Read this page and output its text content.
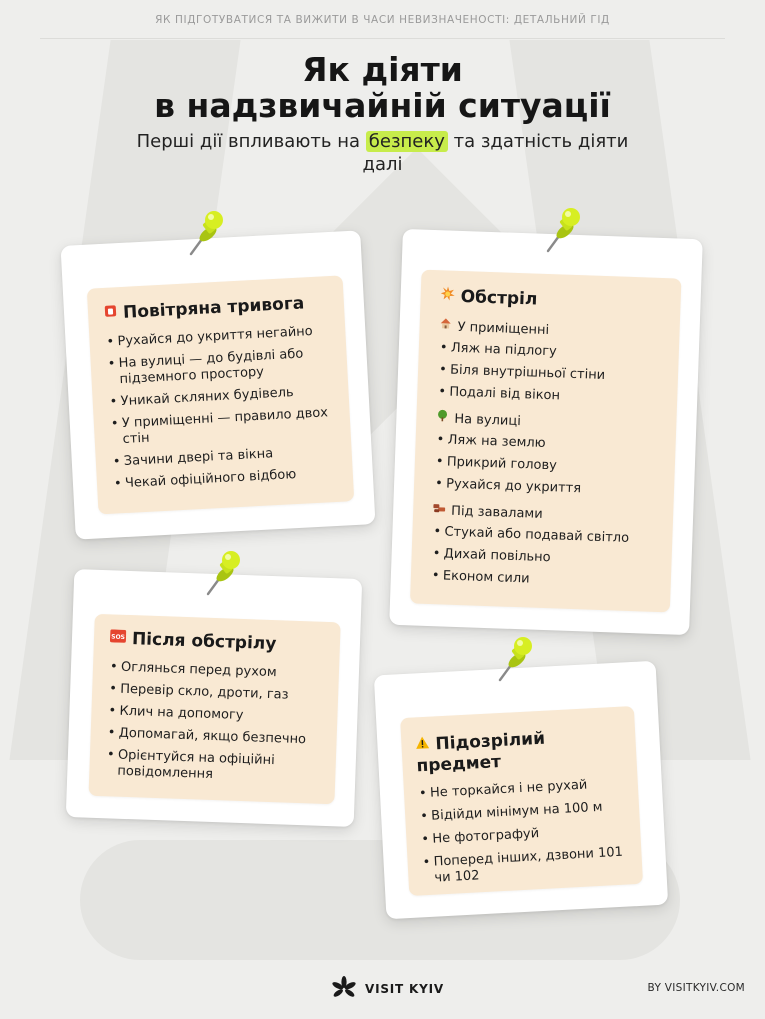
ЯК ПІДГОТУВАТИСЯ ТА ВИЖИТИ В ЧАСИ НЕВИЗНАЧЕНОСТІ: ДЕТАЛЬНИЙ ГІД
Як діяти
в надзвичайній ситуації
Перші дії впливають на безпеку та здатність діяти далі
Повітряна тривога
• Рухайся до укриття негайно
• На вулиці — до будівлі або підземного простору
• Уникай скляних будівель
• У приміщенні — правило двох стін
• Зачини двері та вікна
• Чекай офіційного відбою
Обстріл
У приміщенні
• Ляж на підлогу
• Біля внутрішньої стіни
• Подалі від вікон
На вулиці
• Ляж на землю
• Прикрий голову
• Рухайся до укриття
Під завалами
• Стукай або подавай світло
• Дихай повільно
• Економ сили
SOS Після обстрілу
• Огляньcя перед рухом
• Перевір скло, дроти, газ
• Клич на допомогу
• Допомагай, якщо безпечно
• Орієнтуйся на офіційні повідомлення
Підозрілий предмет
• Не торкайся і не рухай
• Відійди мінімум на 100 м
• Не фотографуй
• Поперед інших, дзвони 101 чи 102
VISIT KYIV	BY VISITKYIV.COM
